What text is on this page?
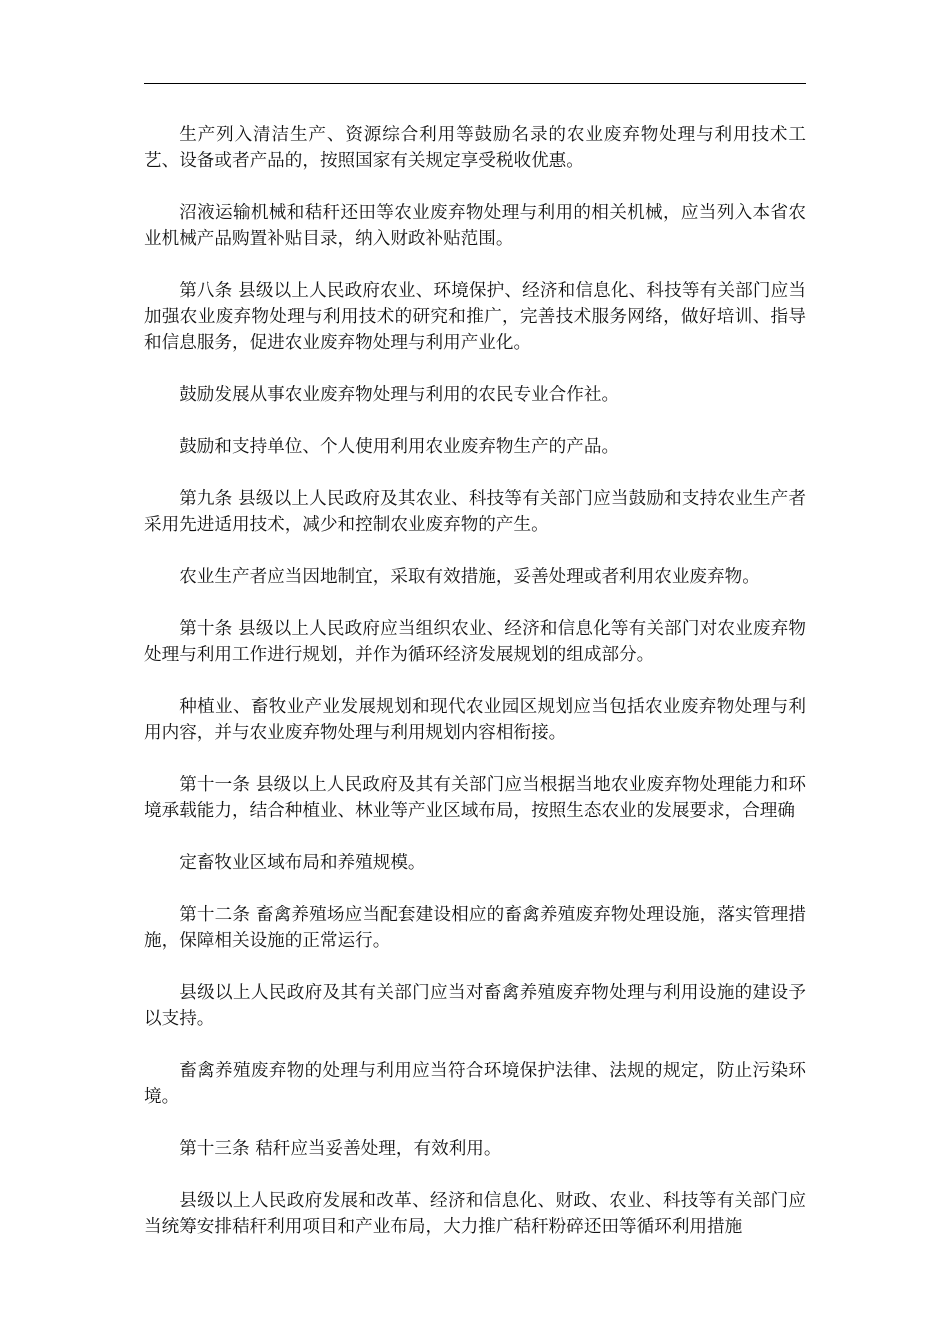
生产列入清洁生产、资源综合利用等鼓励名录的农业废弃物处理与利用技术工艺、设备或者产品的，按照国家有关规定享受税收优惠。

沼液运输机械和秸秆还田等农业废弃物处理与利用的相关机械，应当列入本省农业机械产品购置补贴目录，纳入财政补贴范围。

第八条 县级以上人民政府农业、环境保护、经济和信息化、科技等有关部门应当加强农业废弃物处理与利用技术的研究和推广，完善技术服务网络，做好培训、指导和信息服务，促进农业废弃物处理与利用产业化。

鼓励发展从事农业废弃物处理与利用的农民专业合作社。

鼓励和支持单位、个人使用利用农业废弃物生产的产品。

第九条 县级以上人民政府及其农业、科技等有关部门应当鼓励和支持农业生产者采用先进适用技术，减少和控制农业废弃物的产生。

农业生产者应当因地制宜，采取有效措施，妥善处理或者利用农业废弃物。

第十条 县级以上人民政府应当组织农业、经济和信息化等有关部门对农业废弃物处理与利用工作进行规划，并作为循环经济发展规划的组成部分。

种植业、畜牧业产业发展规划和现代农业园区规划应当包括农业废弃物处理与利用内容，并与农业废弃物处理与利用规划内容相衔接。

第十一条 县级以上人民政府及其有关部门应当根据当地农业废弃物处理能力和环境承载能力，结合种植业、林业等产业区域布局，按照生态农业的发展要求，合理确

定畜牧业区域布局和养殖规模。

第十二条 畜禽养殖场应当配套建设相应的畜禽养殖废弃物处理设施，落实管理措施，保障相关设施的正常运行。

县级以上人民政府及其有关部门应当对畜禽养殖废弃物处理与利用设施的建设予以支持。

畜禽养殖废弃物的处理与利用应当符合环境保护法律、法规的规定，防止污染环境。

第十三条 秸秆应当妥善处理，有效利用。

县级以上人民政府发展和改革、经济和信息化、财政、农业、科技等有关部门应当统筹安排秸秆利用项目和产业布局，大力推广秸秆粉碎还田等循环利用措施
